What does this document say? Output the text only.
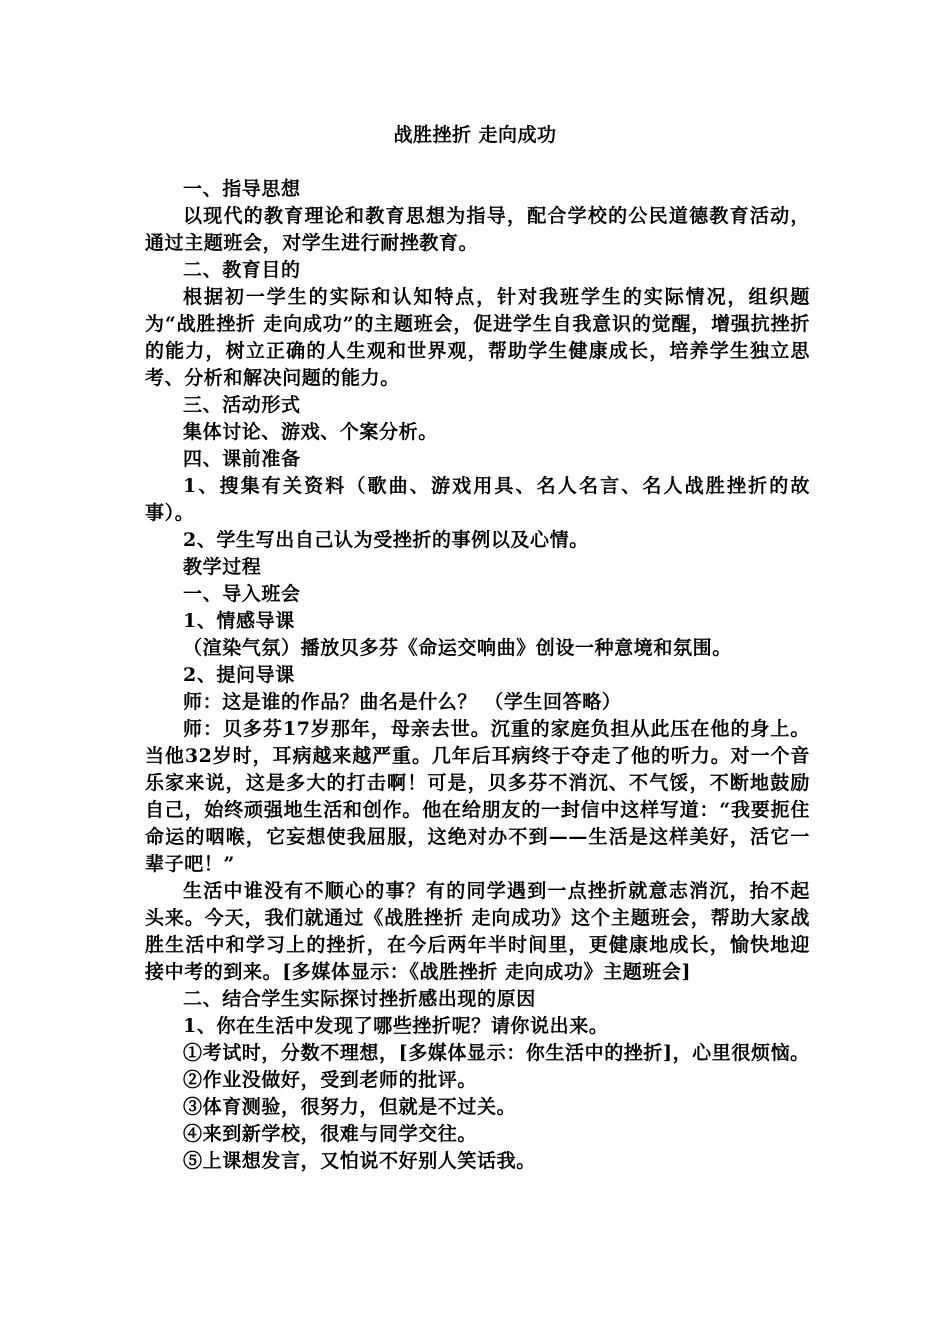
战胜挫折 走向成功

一、指导思想

以现代的教育理论和教育思想为指导，配合学校的公民道德教育活动，通过主题班会，对学生进行耐挫教育。

二、教育目的

根据初一学生的实际和认知特点，针对我班学生的实际情况，组织题为“战胜挫折 走向成功”的主题班会，促进学生自我意识的觉醒，增强抗挫折的能力，树立正确的人生观和世界观，帮助学生健康成长，培养学生独立思考、分析和解决问题的能力。

三、活动形式

集体讨论、游戏、个案分析。

四、课前准备

1、搜集有关资料（歌曲、游戏用具、名人名言、名人战胜挫折的故事）。

2、学生写出自己认为受挫折的事例以及心情。

教学过程

一、导入班会

1、情感导课

（渲染气氛）播放贝多芬《命运交响曲》创设一种意境和氛围。

2、提问导课

师：这是谁的作品？曲名是什么？ （学生回答略）

师：贝多芬17岁那年，母亲去世。沉重的家庭负担从此压在他的身上。当他32岁时，耳病越来越严重。几年后耳病终于夺走了他的听力。对一个音乐家来说，这是多大的打击啊！可是，贝多芬不消沉、不气馁，不断地鼓励自己，始终顽强地生活和创作。他在给朋友的一封信中这样写道：“我要扼住命运的咽喉，它妄想使我屈服，这绝对办不到——生活是这样美好，活它一辈子吧！”

生活中谁没有不顺心的事？有的同学遇到一点挫折就意志消沉，抬不起头来。今天，我们就通过《战胜挫折 走向成功》这个主题班会，帮助大家战胜生活中和学习上的挫折，在今后两年半时间里，更健康地成长，愉快地迎接中考的到来。[多媒体显示：《战胜挫折 走向成功》主题班会]

二、结合学生实际探讨挫折感出现的原因

1、你在生活中发现了哪些挫折呢？请你说出来。

①考试时，分数不理想，[多媒体显示：你生活中的挫折]，心里很烦恼。

②作业没做好，受到老师的批评。

③体育测验，很努力，但就是不过关。

④来到新学校，很难与同学交往。

⑤上课想发言，又怕说不好别人笑话我。
